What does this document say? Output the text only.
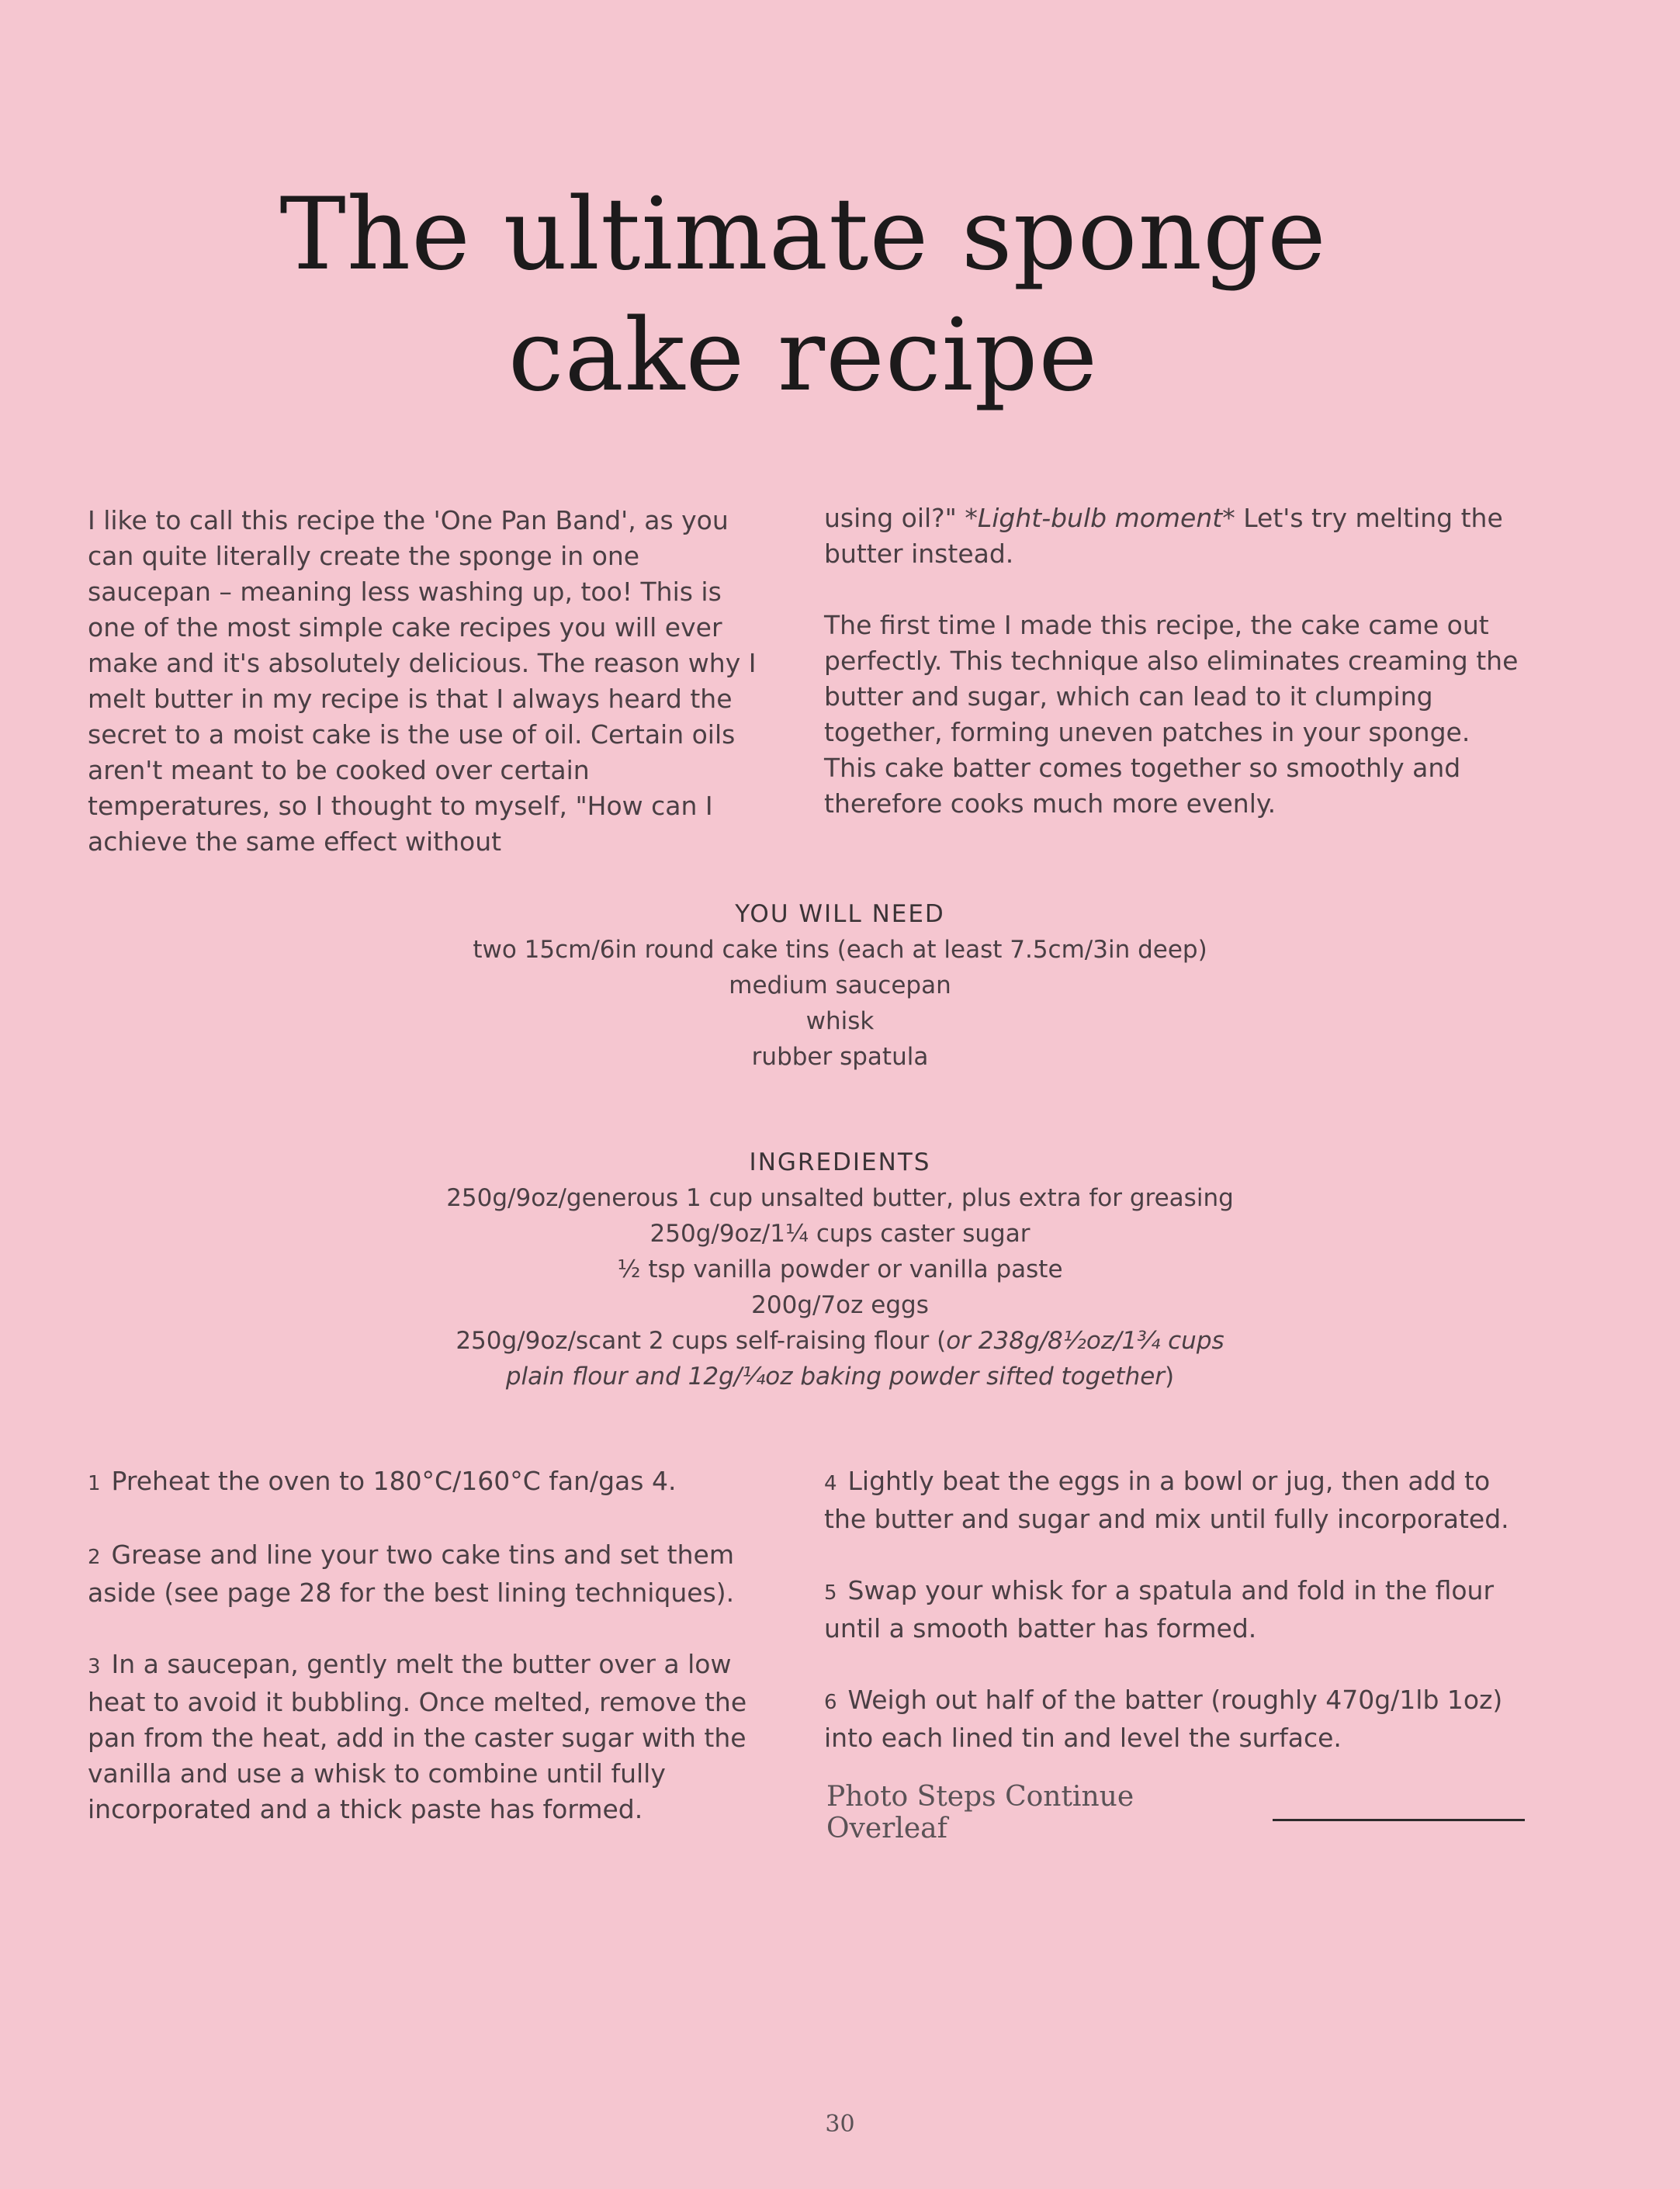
The ultimate sponge
cake recipe

I like to call this recipe the 'One Pan Band', as you can quite literally create the sponge in one saucepan – meaning less washing up, too! This is one of the most simple cake recipes you will ever make and it's absolutely delicious. The reason why I melt butter in my recipe is that I always heard the secret to a moist cake is the use of oil. Certain oils aren't meant to be cooked over certain temperatures, so I thought to myself, "How can I achieve the same effect without

using oil?" *Light-bulb moment* Let's try melting the butter instead.

The first time I made this recipe, the cake came out perfectly. This technique also eliminates creaming the butter and sugar, which can lead to it clumping together, forming uneven patches in your sponge. This cake batter comes together so smoothly and therefore cooks much more evenly.

YOU WILL NEED
two 15cm/6in round cake tins (each at least 7.5cm/3in deep)
medium saucepan
whisk
rubber spatula
INGREDIENTS
250g/9oz/generous 1 cup unsalted butter, plus extra for greasing
250g/9oz/1¼ cups caster sugar
½ tsp vanilla powder or vanilla paste
200g/7oz eggs
250g/9oz/scant 2 cups self-raising flour (or 238g/8½oz/1¾ cups
plain flour and 12g/¼oz baking powder sifted together)

1 Preheat the oven to 180°C/160°C fan/gas 4.

2 Grease and line your two cake tins and set them aside (see page 28 for the best lining techniques).

3 In a saucepan, gently melt the butter over a low heat to avoid it bubbling. Once melted, remove the pan from the heat, add in the caster sugar with the vanilla and use a whisk to combine until fully incorporated and a thick paste has formed.

4 Lightly beat the eggs in a bowl or jug, then add to the butter and sugar and mix until fully incorporated.

5 Swap your whisk for a spatula and fold in the flour until a smooth batter has formed.

6 Weigh out half of the batter (roughly 470g/1lb 1oz) into each lined tin and level the surface.

Photo Steps Continue Overleaf
30
